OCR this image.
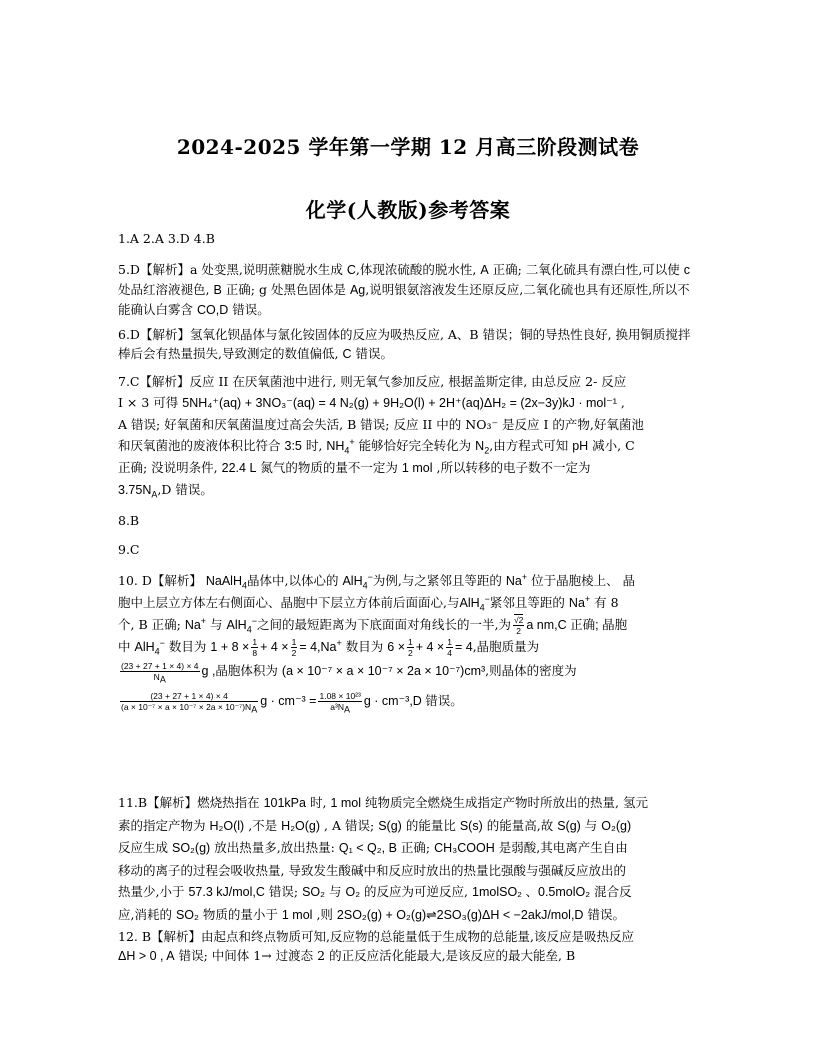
2024-2025 学年第一学期 12 月高三阶段测试卷
化学(人教版)参考答案

1.A 2.A 3.D 4.B

5.D【解析】a 处变黑,说明蔗糖脱水生成 C,体现浓硫酸的脱水性, A 正确; 二氧化硫具有漂白性,可以使 c 处品红溶液褪色, B 正确; g 处黑色固体是 Ag,说明银氨溶液发生还原反应,二氧化硫也具有还原性,所以不能确认白雾含 CO,D 错误。

6.D【解析】氢氧化钡晶体与氯化铵固体的反应为吸热反应, A、B 错误；铜的导热性良好, 换用铜质搅拌棒后会有热量损失,导致测定的数值偏低, C 错误。

7.C【解析】反应 II 在厌氧菌池中进行, 则无氧气参加反应, 根据盖斯定律, 由总反应 2- 反应

I × 3 可得 5NH₄⁺(aq) + 3NO₃⁻(aq) = 4 N₂(g) + 9H₂O(l) + 2H⁺(aq)ΔH₂ = (2x−3y)kJ · mol⁻¹ ,

A 错误; 好氧菌和厌氧菌温度过高会失活, B 错误; 反应 II 中的 NO₃⁻ 是反应 I 的产物,好氧菌池

和厌氧菌池的废液体积比符合 3:5 时, $NH_4^+$ 能够恰好完全转化为 $N_2$,由方程式可知 pH 减小, C

正确; 没说明条件, 22.4 L 氮气的物质的量不一定为 1 mol ,所以转移的电子数不一定为

$3.75N_A,D$ 错误。

8.B

9.C

10. D【解析】 NaAlH$_4$晶体中,以体心的 AlH$_4$−为例,与之紧邻且等距的 Na+ 位于晶胞棱上、 晶

胞中上层立方体左右侧面心、晶胞中下层立方体前后面面心,与AlH$_4$−紧邻且等距的 Na+ 有 8

个, B 正确; Na+ 与 AlH$_4$−之间的最短距离为下底面面对角线长的一半,为 $\frac{√2}{2}$ a nm,C 正确; 晶胞

中 AlH$_4$− 数目为 $1 + 8 \times \frac{1}{8} + 4 \times \frac{1}{2} = 4,Na^+$ 数目为 $6 \times \frac{1}{2} + 4 \times \frac{1}{4} = 4$,晶胞质量为

$\frac{(23 + 27 + 1 \times 4) \times 4}{N_A}$ g ,晶胞体积为 (a × 10⁻⁷ × a × 10⁻⁷ × 2a × 10⁻⁷)cm³,则晶体的密度为

$\frac{(23 + 27 + 1 \times 4) \times 4}{(a \times 10^{-7} \times a \times 10^{-7} \times 2a \times 10^{-7})N_A}$ $g \cdot cm^{-3} = \frac{\text{1.08 × 10²³}}{a^3N_A}$ g · cm⁻³,D 错误。

11.B【解析】燃烧热指在 101kPa 时, 1 mol 纯物质完全燃烧生成指定产物时所放出的热量, 氢元

素的指定产物为 H₂O(l) ,不是 H₂O(g) , A 错误; S(g) 的能量比 S(s) 的能量高,故 S(g) 与 O₂(g)

反应生成 SO₂(g) 放出热量多,放出热量: Q₁ < Q₂, B 正确; CH₃COOH 是弱酸,其电离产生自由

移动的离子的过程会吸收热量, 导致发生酸碱中和反应时放出的热量比强酸与强碱反应放出的

热量少,小于 57.3 kJ/mol,C 错误; SO₂ 与 O₂ 的反应为可逆反应, 1molSO₂ 、0.5molO₂ 混合反

应,消耗的 SO₂ 物质的量小于 1 mol ,则 2SO₂(g) + O₂(g)⇌2SO₃(g)ΔH < −2akJ/mol,D 错误。

12. B【解析】由起点和终点物质可知,反应物的总能量低于生成物的总能量,该反应是吸热反应

ΔH > 0 , A 错误; 中间体 1→ 过渡态 2 的正反应活化能最大,是该反应的最大能垒, B
